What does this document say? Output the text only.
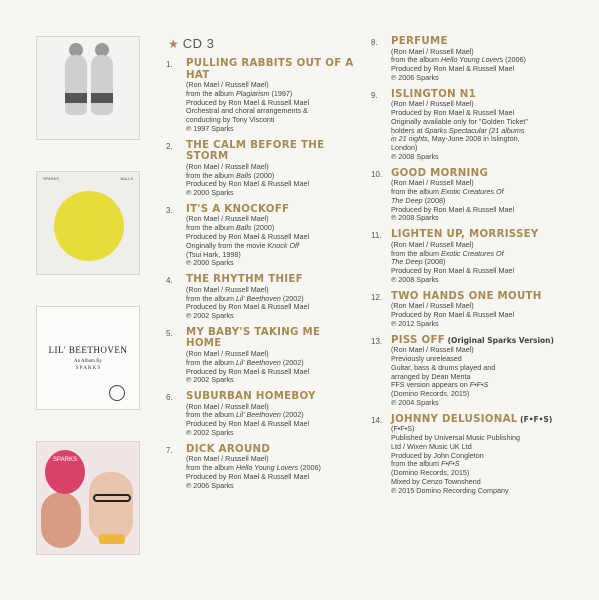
SPARKS	BALLS
LIL' BEETHOVEN
An Album By
S P A R K S
SPARKS
★ CD 3
1.	PULLING RABBITS OUT OF A HAT
(Ron Mael / Russell Mael)
from the album Plagiarism (1997)
Produced by Ron Mael & Russell Mael
Orchestral and choral arrangements &
conducting by Tony Visconti
℗ 1997 Sparks
2.	THE CALM BEFORE THE STORM
(Ron Mael / Russell Mael)
from the album Balls (2000)
Produced by Ron Mael & Russell Mael
℗ 2000 Sparks
3.	IT'S A KNOCKOFF
(Ron Mael / Russell Mael)
from the album Balls (2000)
Produced by Ron Mael & Russell Mael
Originally from the movie Knock Off
(Tsui Hark, 1998)
℗ 2000 Sparks
4.	THE RHYTHM THIEF
(Ron Mael / Russell Mael)
from the album Lil' Beethoven (2002)
Produced by Ron Mael & Russell Mael
℗ 2002 Sparks
5.	MY BABY'S TAKING ME HOME
(Ron Mael / Russell Mael)
from the album Lil' Beethoven (2002)
Produced by Ron Mael & Russell Mael
℗ 2002 Sparks
6.	SUBURBAN HOMEBOY
(Ron Mael / Russell Mael)
from the album Lil' Beethoven (2002)
Produced by Ron Mael & Russell Mael
℗ 2002 Sparks
7.	DICK AROUND
(Ron Mael / Russell Mael)
from the album Hello Young Lovers (2006)
Produced by Ron Mael & Russell Mael
℗ 2006 Sparks
8.	PERFUME
(Ron Mael / Russell Mael)
from the album Hello Young Lovers (2006)
Produced by Ron Mael & Russell Mael
℗ 2006 Sparks
9.	ISLINGTON N1
(Ron Mael / Russell Mael)
Produced by Ron Mael & Russell Mael
Originally available only for "Golden Ticket"
holders at Sparks Spectacular (21 albums
in 21 nights, May-June 2008 in Islington,
London)
℗ 2008 Sparks
10. GOOD MORNING
(Ron Mael / Russell Mael)
from the album Exotic Creatures Of
The Deep (2008)
Produced by Ron Mael & Russell Mael
℗ 2008 Sparks
11. LIGHTEN UP, MORRISSEY
(Ron Mael / Russell Mael)
from the album Exotic Creatures Of
The Deep (2008)
Produced by Ron Mael & Russell Mael
℗ 2008 Sparks
12. TWO HANDS ONE MOUTH
(Ron Mael / Russell Mael)
Produced by Ron Mael & Russell Mael
℗ 2012 Sparks
13. PISS OFF (Original Sparks Version)
(Ron Mael / Russell Mael)
Previously unreleased
Guitar, bass & drums played and
arranged by Dean Menta
FFS version appears on F•F•S
(Domino Records, 2015)
℗ 2004 Sparks
14. JOHNNY DELUSIONAL (F•F•S)
(F•F•S)
Published by Universal Music Publishing
Ltd / Wixen Music UK Ltd
Produced by John Congleton
from the album F•F•S
(Domino Records, 2015)
Mixed by Cenzo Townshend
℗ 2015 Domino Recording Company
